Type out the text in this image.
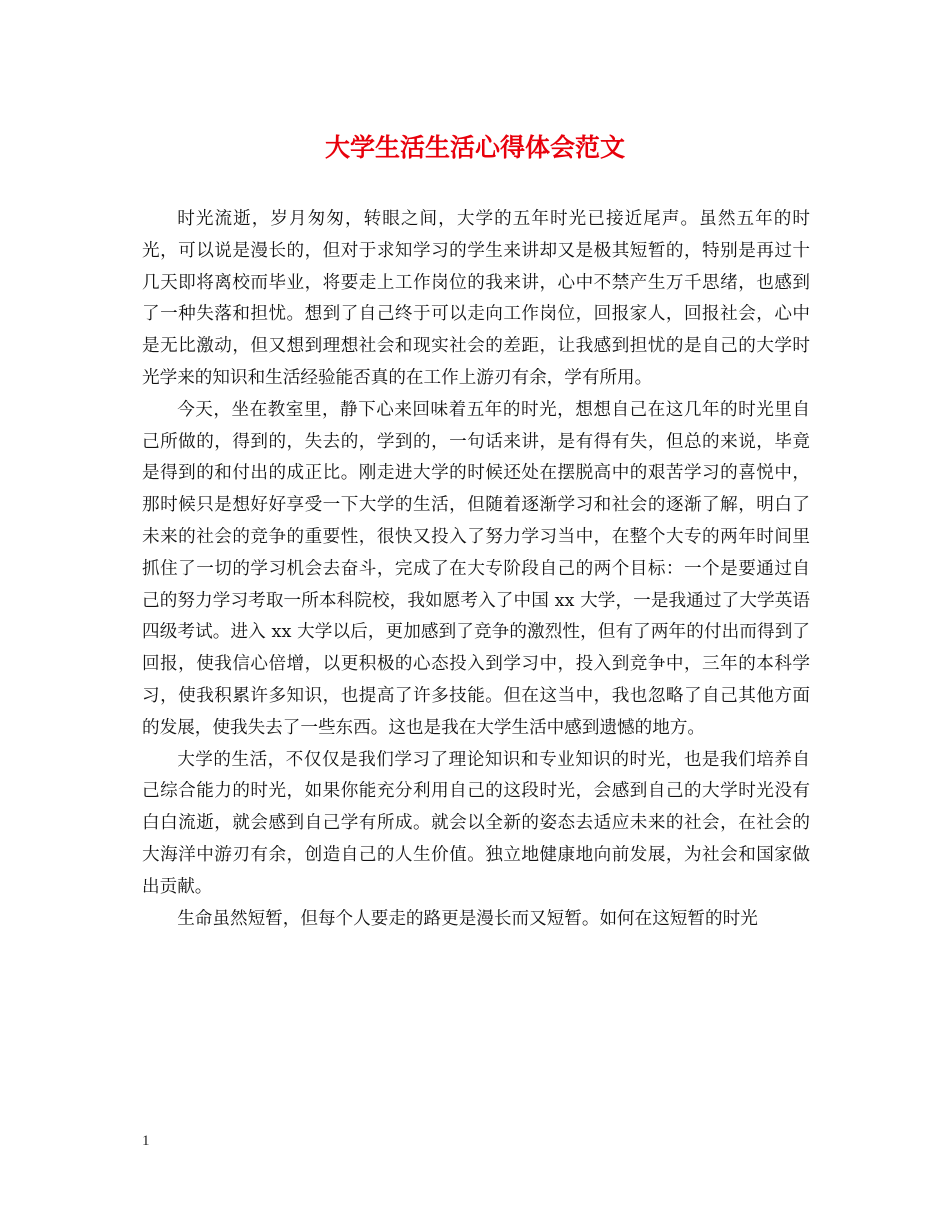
大学生活生活心得体会范文

时光流逝，岁月匆匆，转眼之间，大学的五年时光已接近尾声。虽然五年的时光，可以说是漫长的，但对于求知学习的学生来讲却又是极其短暂的，特别是再过十几天即将离校而毕业，将要走上工作岗位的我来讲，心中不禁产生万千思绪，也感到了一种失落和担忧。想到了自己终于可以走向工作岗位，回报家人，回报社会，心中是无比激动，但又想到理想社会和现实社会的差距，让我感到担忧的是自己的大学时光学来的知识和生活经验能否真的在工作上游刃有余，学有所用。

今天，坐在教室里，静下心来回味着五年的时光，想想自己在这几年的时光里自己所做的，得到的，失去的，学到的，一句话来讲，是有得有失，但总的来说，毕竟是得到的和付出的成正比。刚走进大学的时候还处在摆脱高中的艰苦学习的喜悦中，那时候只是想好好享受一下大学的生活，但随着逐渐学习和社会的逐渐了解，明白了未来的社会的竞争的重要性，很快又投入了努力学习当中，在整个大专的两年时间里抓住了一切的学习机会去奋斗，完成了在大专阶段自己的两个目标：一个是要通过自己的努力学习考取一所本科院校，我如愿考入了中国 xx 大学，一是我通过了大学英语四级考试。进入 xx 大学以后，更加感到了竞争的激烈性，但有了两年的付出而得到了回报，使我信心倍增，以更积极的心态投入到学习中，投入到竞争中，三年的本科学习，使我积累许多知识，也提高了许多技能。但在这当中，我也忽略了自己其他方面的发展，使我失去了一些东西。这也是我在大学生活中感到遗憾的地方。

大学的生活，不仅仅是我们学习了理论知识和专业知识的时光，也是我们培养自己综合能力的时光，如果你能充分利用自己的这段时光，会感到自己的大学时光没有白白流逝，就会感到自己学有所成。就会以全新的姿态去适应未来的社会，在社会的大海洋中游刃有余，创造自己的人生价值。独立地健康地向前发展，为社会和国家做出贡献。

生命虽然短暂，但每个人要走的路更是漫长而又短暂。如何在这短暂的时光

1
